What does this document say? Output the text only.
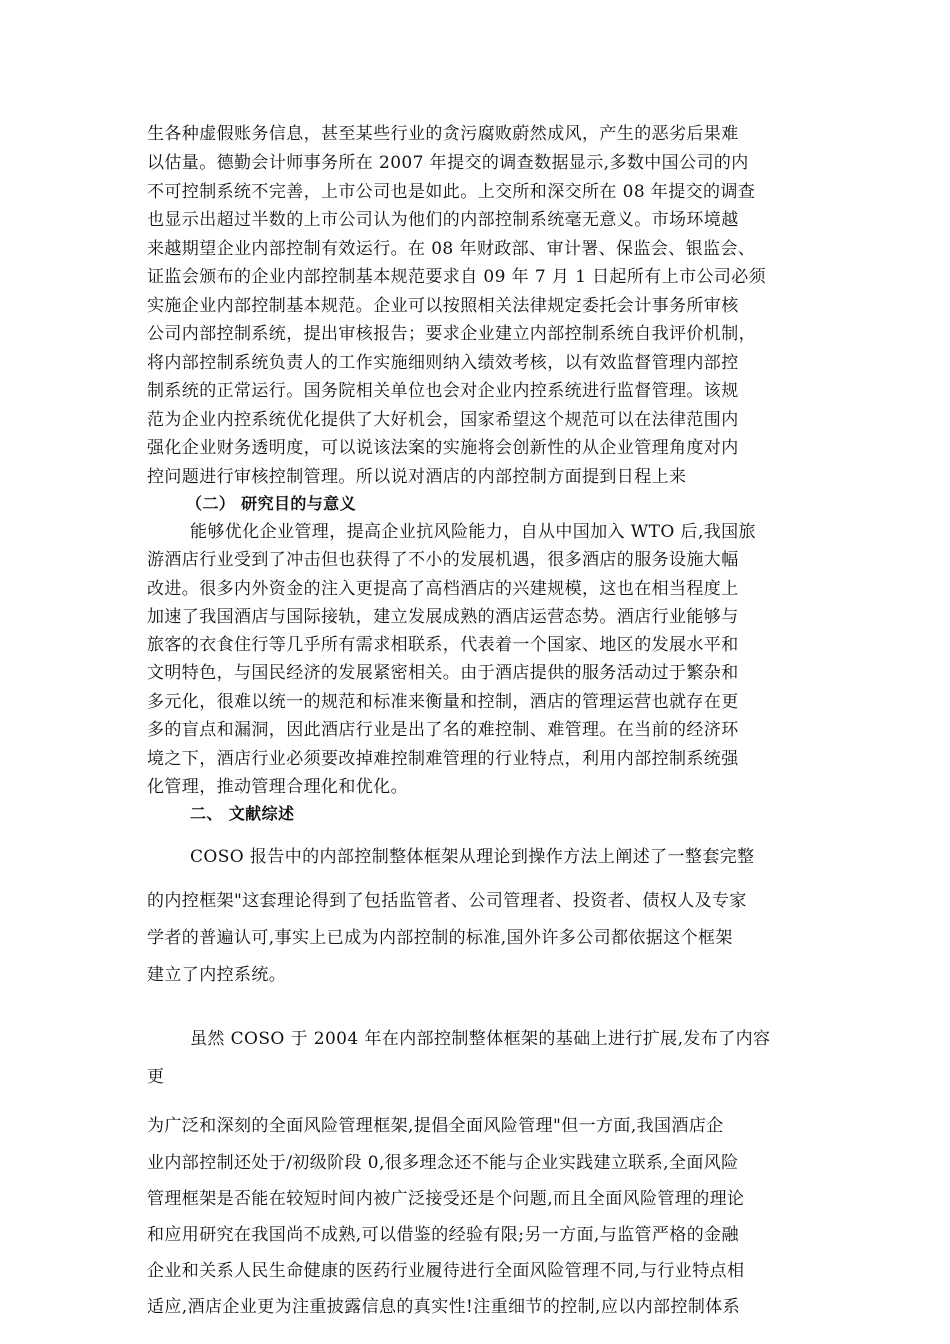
生各种虚假账务信息，甚至某些行业的贪污腐败蔚然成风，产生的恶劣后果难
以估量。德勤会计师事务所在 2007 年提交的调查数据显示,多数中国公司的内
不可控制系统不完善，上市公司也是如此。上交所和深交所在 08 年提交的调查
也显示出超过半数的上市公司认为他们的内部控制系统毫无意义。市场环境越
来越期望企业内部控制有效运行。在 08 年财政部、审计署、保监会、银监会、
证监会颁布的企业内部控制基本规范要求自 09 年 7 月 1 日起所有上市公司必须
实施企业内部控制基本规范。企业可以按照相关法律规定委托会计事务所审核
公司内部控制系统，提出审核报告；要求企业建立内部控制系统自我评价机制，
将内部控制系统负责人的工作实施细则纳入绩效考核，以有效监督管理内部控
制系统的正常运行。国务院相关单位也会对企业内控系统进行监督管理。该规
范为企业内控系统优化提供了大好机会，国家希望这个规范可以在法律范围内
强化企业财务透明度，可以说该法案的实施将会创新性的从企业管理角度对内
控问题进行审核控制管理。所以说对酒店的内部控制方面提到日程上来
（二） 研究目的与意义
能够优化企业管理，提高企业抗风险能力，自从中国加入 WTO 后,我国旅
游酒店行业受到了冲击但也获得了不小的发展机遇，很多酒店的服务设施大幅
改进。很多内外资金的注入更提高了高档酒店的兴建规模，这也在相当程度上
加速了我国酒店与国际接轨，建立发展成熟的酒店运营态势。酒店行业能够与
旅客的衣食住行等几乎所有需求相联系，代表着一个国家、地区的发展水平和
文明特色，与国民经济的发展紧密相关。由于酒店提供的服务活动过于繁杂和
多元化，很难以统一的规范和标准来衡量和控制，酒店的管理运营也就存在更
多的盲点和漏洞，因此酒店行业是出了名的难控制、难管理。在当前的经济环
境之下，酒店行业必须要改掉难控制难管理的行业特点，利用内部控制系统强
化管理，推动管理合理化和优化。
二、 文献综述
COSO 报告中的内部控制整体框架从理论到操作方法上阐述了一整套完整
的内控框架"这套理论得到了包括监管者、公司管理者、投资者、债权人及专家
学者的普遍认可,事实上已成为内部控制的标准,国外许多公司都依据这个框架
建立了内控系统。
虽然 COSO 于 2004 年在内部控制整体框架的基础上进行扩展,发布了内容
更
为广泛和深刻的全面风险管理框架,提倡全面风险管理"但一方面,我国酒店企
业内部控制还处于/初级阶段 0,很多理念还不能与企业实践建立联系,全面风险
管理框架是否能在较短时间内被广泛接受还是个问题,而且全面风险管理的理论
和应用研究在我国尚不成熟,可以借鉴的经验有限;另一方面,与监管严格的金融
企业和关系人民生命健康的医药行业履待进行全面风险管理不同,与行业特点相
适应,酒店企业更为注重披露信息的真实性!注重细节的控制,应以内部控制体系
